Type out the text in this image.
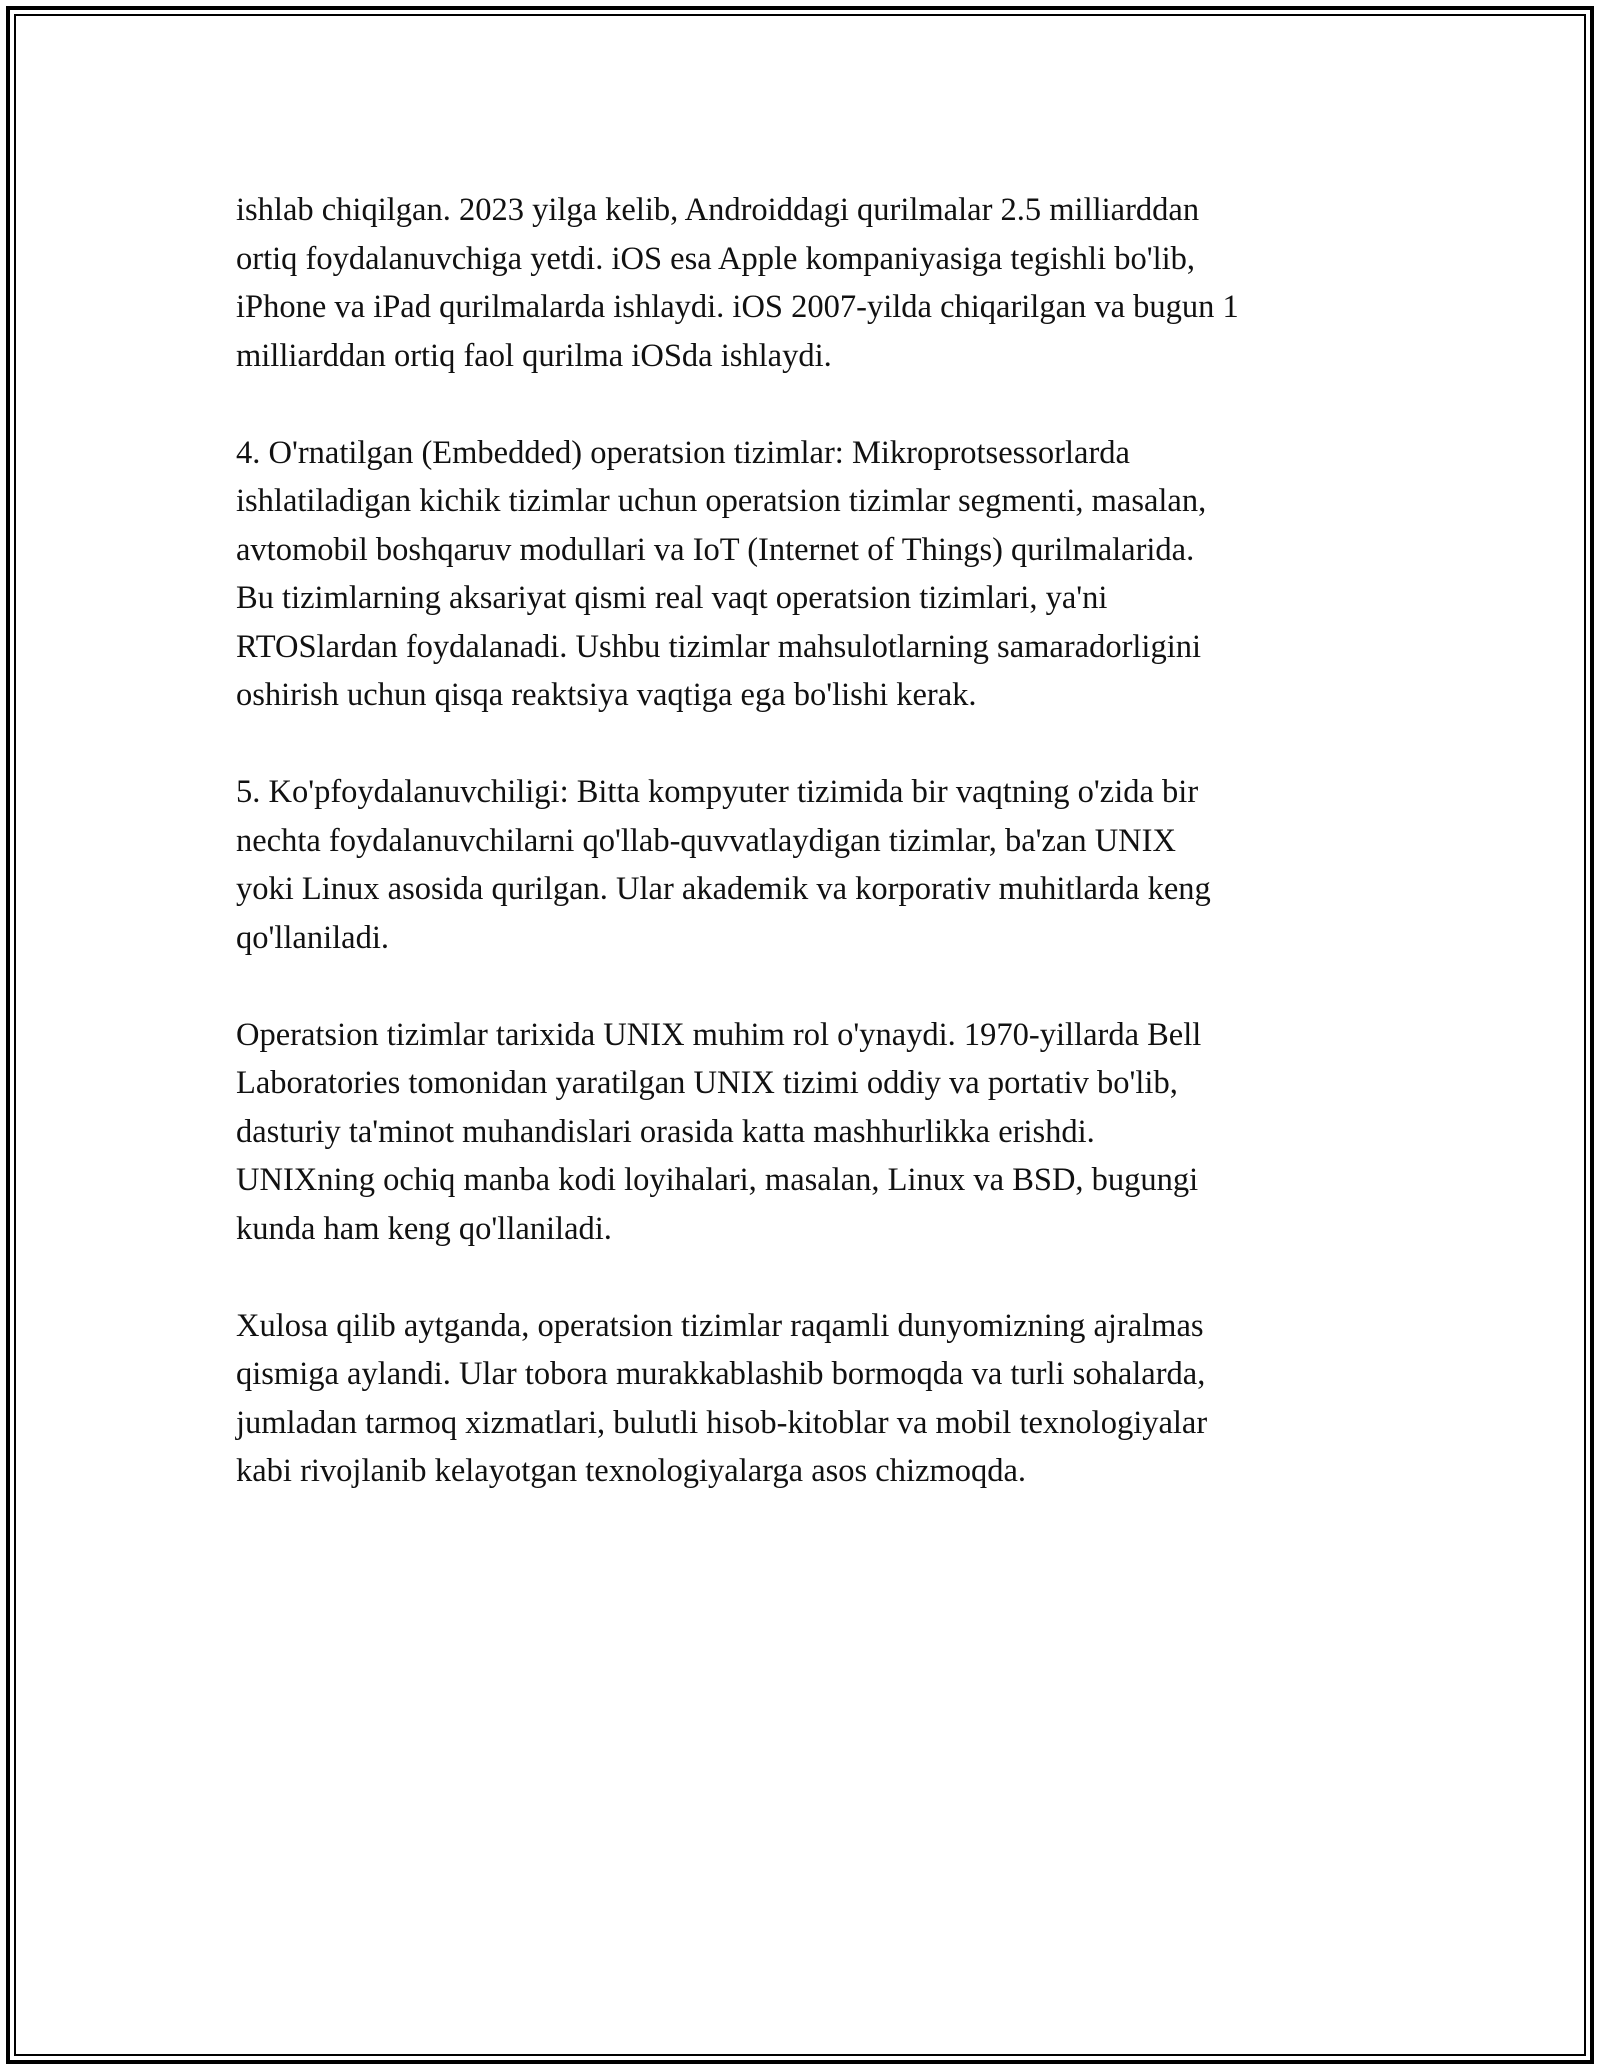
ishlab chiqilgan. 2023 yilga kelib, Androiddagi qurilmalar 2.5 milliarddan
ortiq foydalanuvchiga yetdi. iOS esa Apple kompaniyasiga tegishli bo'lib,
iPhone va iPad qurilmalarda ishlaydi. iOS 2007-yilda chiqarilgan va bugun 1
milliarddan ortiq faol qurilma iOSda ishlaydi.

4. O'rnatilgan (Embedded) operatsion tizimlar: Mikroprotsessorlarda
ishlatiladigan kichik tizimlar uchun operatsion tizimlar segmenti, masalan,
avtomobil boshqaruv modullari va IoT (Internet of Things) qurilmalarida.
Bu tizimlarning aksariyat qismi real vaqt operatsion tizimlari, ya'ni
RTOSlardan foydalanadi. Ushbu tizimlar mahsulotlarning samaradorligini
oshirish uchun qisqa reaktsiya vaqtiga ega bo'lishi kerak.

5. Ko'pfoydalanuvchiligi: Bitta kompyuter tizimida bir vaqtning o'zida bir
nechta foydalanuvchilarni qo'llab-quvvatlaydigan tizimlar, ba'zan UNIX
yoki Linux asosida qurilgan. Ular akademik va korporativ muhitlarda keng
qo'llaniladi.

Operatsion tizimlar tarixida UNIX muhim rol o'ynaydi. 1970-yillarda Bell
Laboratories tomonidan yaratilgan UNIX tizimi oddiy va portativ bo'lib,
dasturiy ta'minot muhandislari orasida katta mashhurlikka erishdi.
UNIXning ochiq manba kodi loyihalari, masalan, Linux va BSD, bugungi
kunda ham keng qo'llaniladi.

Xulosa qilib aytganda, operatsion tizimlar raqamli dunyomizning ajralmas
qismiga aylandi. Ular tobora murakkablashib bormoqda va turli sohalarda,
jumladan tarmoq xizmatlari, bulutli hisob-kitoblar va mobil texnologiyalar
kabi rivojlanib kelayotgan texnologiyalarga asos chizmoqda.
